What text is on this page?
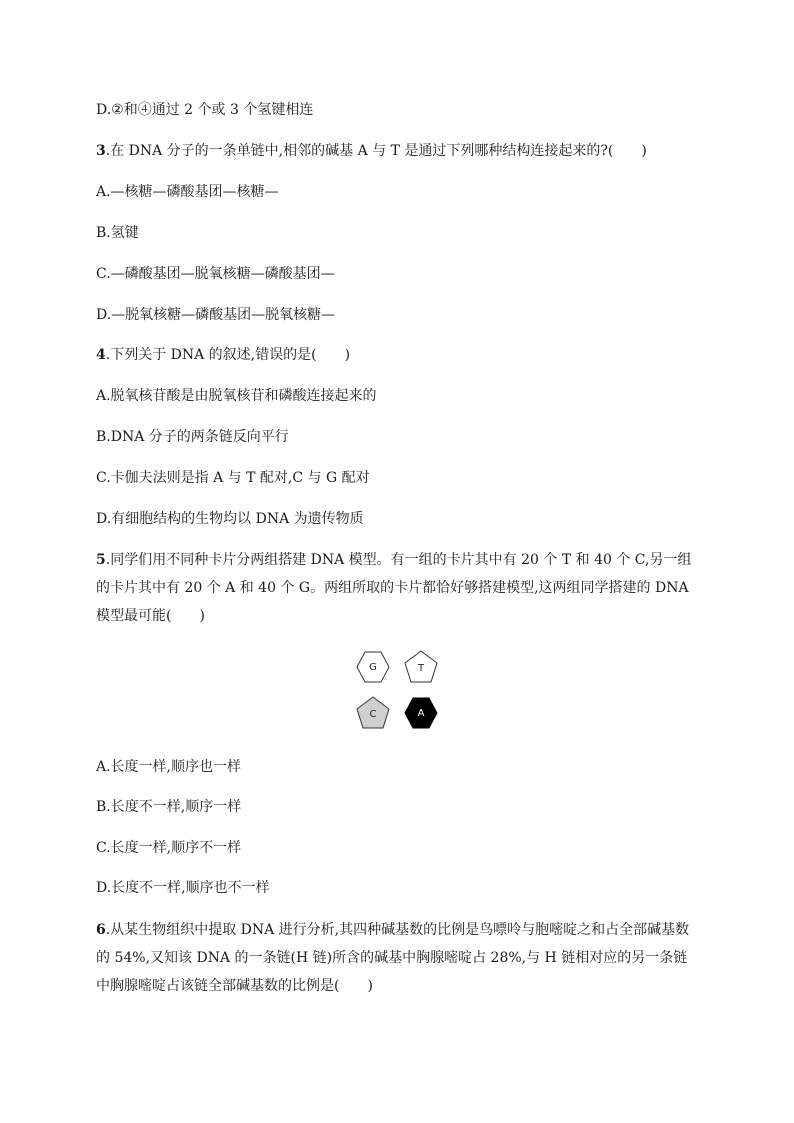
D.②和④通过 2 个或 3 个氢键相连
3.在 DNA 分子的一条单链中,相邻的碱基 A 与 T 是通过下列哪种结构连接起来的?(　　)
A.—核糖—磷酸基团—核糖—
B.氢键
C.—磷酸基团—脱氧核糖—磷酸基团—
D.—脱氧核糖—磷酸基团—脱氧核糖—
4.下列关于 DNA 的叙述,错误的是(　　)
A.脱氧核苷酸是由脱氧核苷和磷酸连接起来的
B.DNA 分子的两条链反向平行
C.卡伽夫法则是指 A 与 T 配对,C 与 G 配对
D.有细胞结构的生物均以 DNA 为遗传物质
5.同学们用不同种卡片分两组搭建 DNA 模型。有一组的卡片其中有 20 个 T 和 40 个 C,另一组的卡片其中有 20 个 A 和 40 个 G。两组所取的卡片都恰好够搭建模型,这两组同学搭建的 DNA 模型最可能(　　)
G	T
C	A
A.长度一样,顺序也一样
B.长度不一样,顺序一样
C.长度一样,顺序不一样
D.长度不一样,顺序也不一样
6.从某生物组织中提取 DNA 进行分析,其四种碱基数的比例是鸟嘌呤与胞嘧啶之和占全部碱基数的 54%,又知该 DNA 的一条链(H 链)所含的碱基中胸腺嘧啶占 28%,与 H 链相对应的另一条链中胸腺嘧啶占该链全部碱基数的比例是(　　)
